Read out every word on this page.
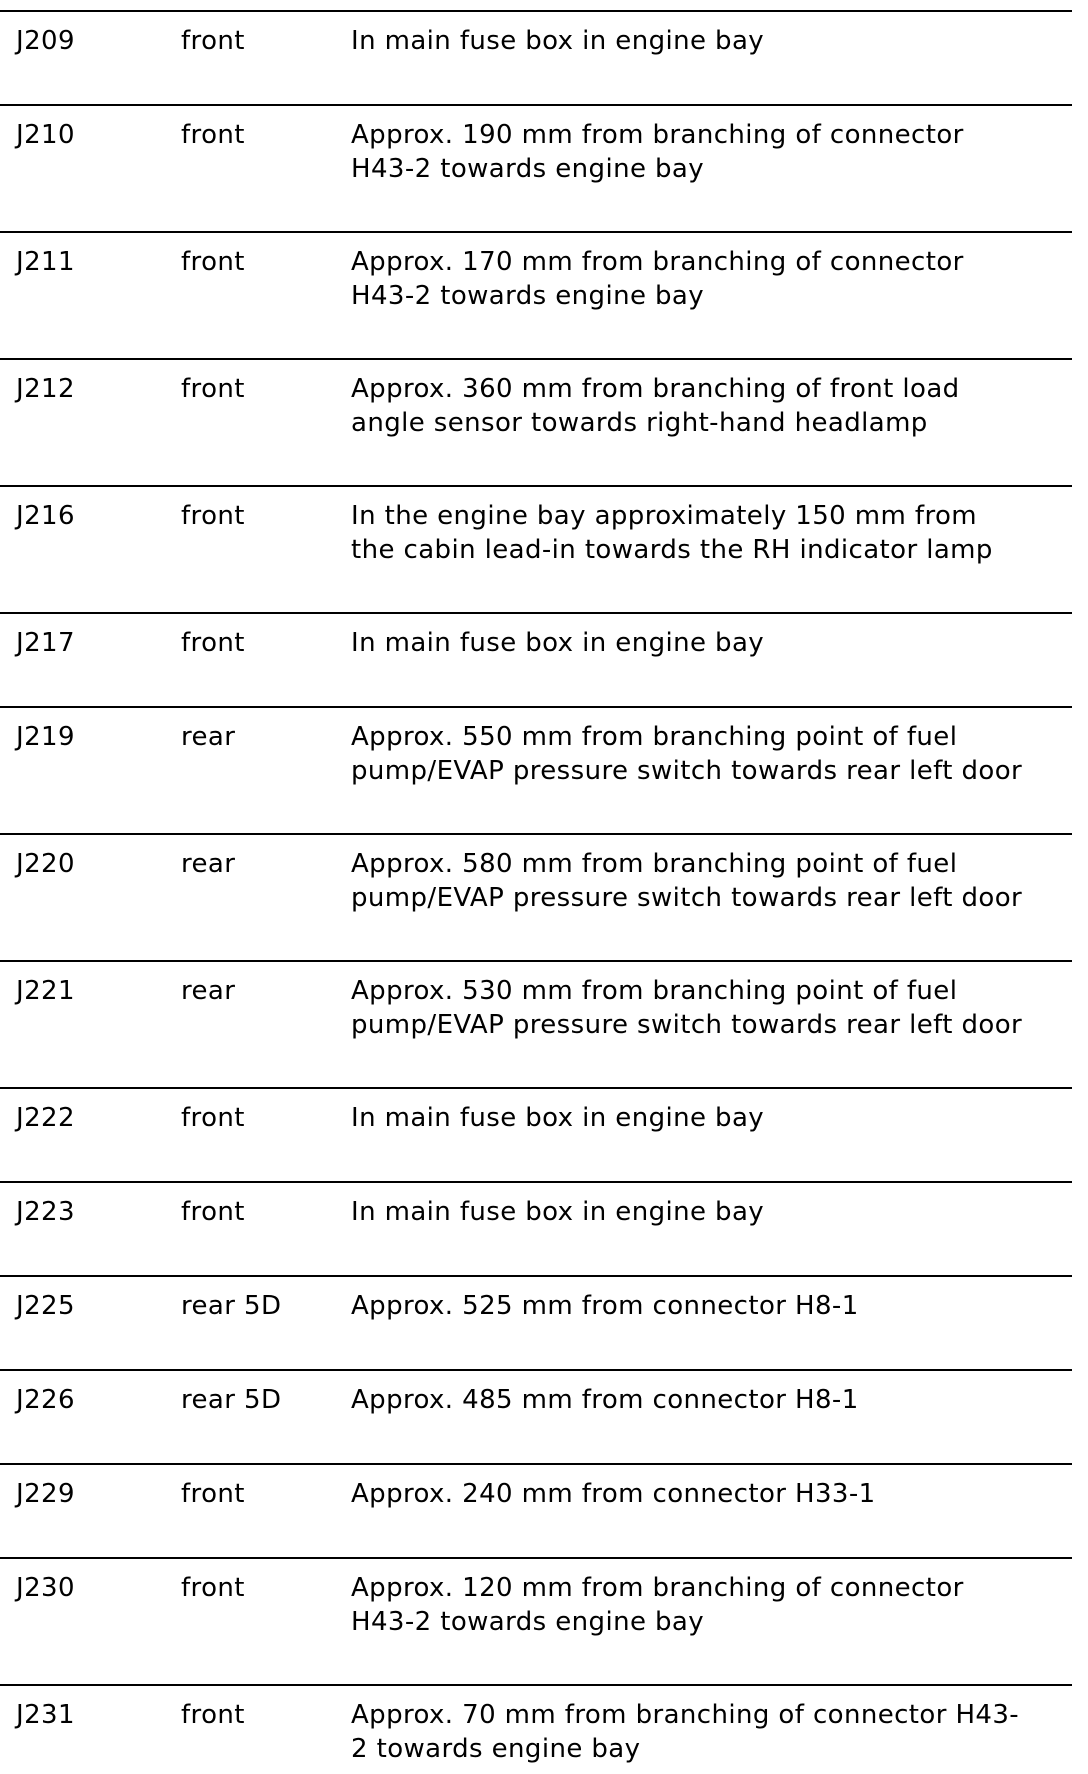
J209	front	In main fuse box in engine bay
J210	front	Approx. 190 mm from branching of connector
H43-2 towards engine bay
J211	front	Approx. 170 mm from branching of connector
H43-2 towards engine bay
J212	front	Approx. 360 mm from branching of front load
angle sensor towards right-hand headlamp
J216	front	In the engine bay approximately 150 mm from
the cabin lead-in towards the RH indicator lamp
J217	front	In main fuse box in engine bay
J219	rear	Approx. 550 mm from branching point of fuel
pump/EVAP pressure switch towards rear left door
J220	rear	Approx. 580 mm from branching point of fuel
pump/EVAP pressure switch towards rear left door
J221	rear	Approx. 530 mm from branching point of fuel
pump/EVAP pressure switch towards rear left door
J222	front	In main fuse box in engine bay
J223	front	In main fuse box in engine bay
J225	rear 5D	Approx. 525 mm from connector H8-1
J226	rear 5D	Approx. 485 mm from connector H8-1
J229	front	Approx. 240 mm from connector H33-1
J230	front	Approx. 120 mm from branching of connector
H43-2 towards engine bay
J231	front	Approx. 70 mm from branching of connector H43-
2 towards engine bay
